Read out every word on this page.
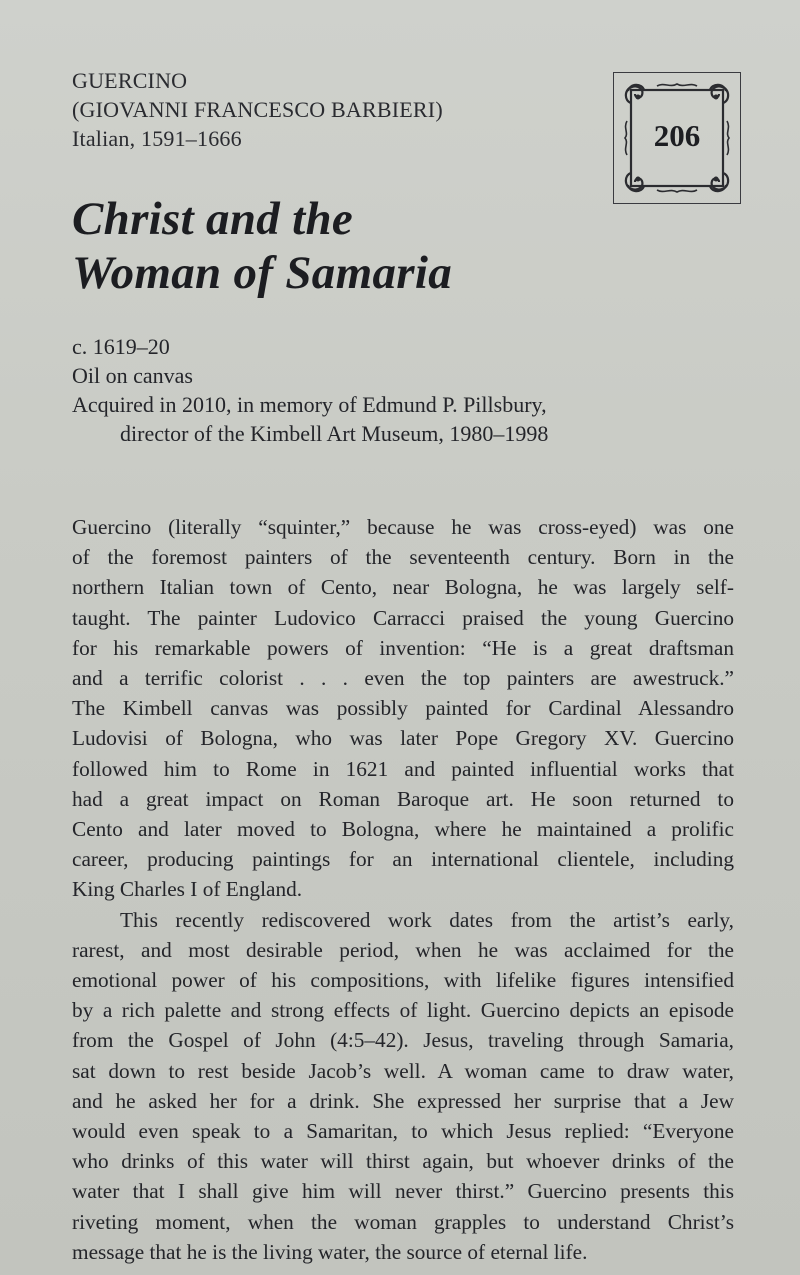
GUERCINO
(GIOVANNI FRANCESCO BARBIERI)
Italian, 1591–1666	206
Christ and the
Woman of Samaria
c. 1619–20
Oil on canvas
Acquired in 2010, in memory of Edmund P. Pillsbury,
director of the Kimbell Art Museum, 1980–1998

Guercino (literally “squinter,” because he was cross-eyed) was one
of the foremost painters of the seventeenth century. Born in the
northern Italian town of Cento, near Bologna, he was largely self-
taught. The painter Ludovico Carracci praised the young Guercino
for his remarkable powers of invention: “He is a great draftsman
and a terrific colorist . . . even the top painters are awestruck.”
The Kimbell canvas was possibly painted for Cardinal Alessandro
Ludovisi of Bologna, who was later Pope Gregory XV. Guercino
followed him to Rome in 1621 and painted influential works that
had a great impact on Roman Baroque art. He soon returned to
Cento and later moved to Bologna, where he maintained a prolific
career, producing paintings for an international clientele, including
King Charles I of England.

This recently rediscovered work dates from the artist’s early,
rarest, and most desirable period, when he was acclaimed for the
emotional power of his compositions, with lifelike figures intensified
by a rich palette and strong effects of light. Guercino depicts an episode
from the Gospel of John (4:5–42). Jesus, traveling through Samaria,
sat down to rest beside Jacob’s well. A woman came to draw water,
and he asked her for a drink. She expressed her surprise that a Jew
would even speak to a Samaritan, to which Jesus replied: “Everyone
who drinks of this water will thirst again, but whoever drinks of the
water that I shall give him will never thirst.” Guercino presents this
riveting moment, when the woman grapples to understand Christ’s
message that he is the living water, the source of eternal life.
